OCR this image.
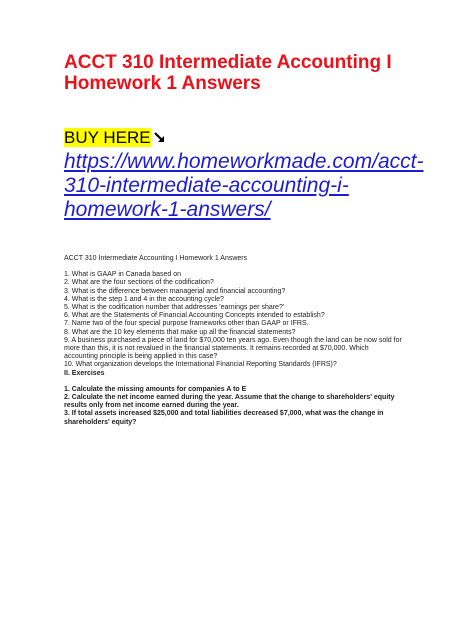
ACCT 310 Intermediate Accounting I Homework 1 Answers
BUY HERE
https://www.homeworkmade.com/acct-310-intermediate-accounting-i-homework-1-answers/

ACCT 310 Intermediate Accounting I Homework 1 Answers

1. What is GAAP in Canada based on

2. What are the four sections of the codification?

3. What is the difference between managerial and financial accounting?

4. What is the step 1 and 4 in the accounting cycle?

5. What is the codification number that addresses 'earnings per share?'

6. What are the Statements of Financial Accounting Concepts intended to establish?

7. Name two of the four special purpose frameworks other than GAAP or IFRS.

8. What are the 10 key elements that make up all the financial statements?

9. A business purchased a piece of land for $70,000 ten years ago. Even though the land can be now sold for more than this, it is not revalued in the financial statements. It remains recorded at $70,000. Which accounting principle is being applied in this case?

10. What organization develops the International Financial Reporting Standards (IFRS)?

II. Exercises

1. Calculate the missing amounts for companies A to E

2. Calculate the net income earned during the year. Assume that the change to shareholders' equity results only from net income earned during the year.

3. If total assets increased $25,000 and total liabilities decreased $7,000, what was the change in shareholders' equity?
